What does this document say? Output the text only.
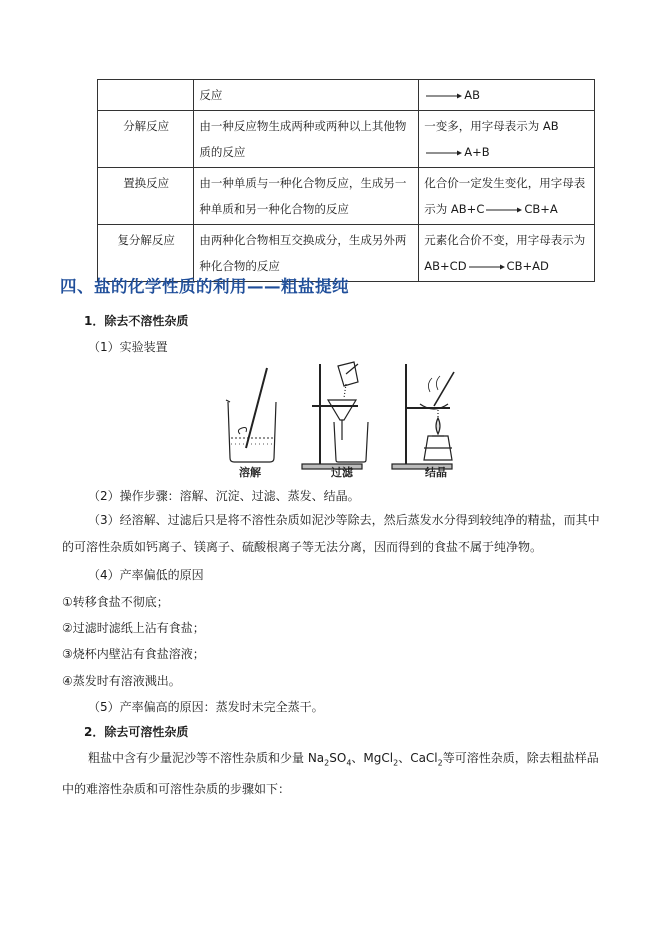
	反应	AB
分解反应	由一种反应物生成两种或两种以上其他物质的反应	一变多，用字母表示为 AB
A+B

置换反应	由一种单质与一种化合物反应，生成另一种单质和另一种化合物的反应	化合价一定发生变化，用字母表示为 AB+C CB+A
复分解反应	由两种化合物相互交换成分，生成另外两种化合物的反应	元素化合价不变，用字母表示为
AB+CD CB+AD
四、盐的化学性质的利用——粗盐提纯
1．除去不溶性杂质
（1）实验装置
溶解	过滤	结晶
（2）操作步骤：溶解、沉淀、过滤、蒸发、结晶。
（3）经溶解、过滤后只是将不溶性杂质如泥沙等除去，然后蒸发水分得到较纯净的精盐，而其中的可溶性杂质如钙离子、镁离子、硫酸根离子等无法分离，因而得到的食盐不属于纯净物。
（4）产率偏低的原因
①转移食盐不彻底；
②过滤时滤纸上沾有食盐；
③烧杯内壁沾有食盐溶液；
④蒸发时有溶液溅出。
（5）产率偏高的原因：蒸发时未完全蒸干。
2．除去可溶性杂质
粗盐中含有少量泥沙等不溶性杂质和少量 $Na_2SO_4$、MgCl$_2$、CaCl$_2$等可溶性杂质，除去粗盐样品中的难溶性杂质和可溶性杂质的步骤如下：
